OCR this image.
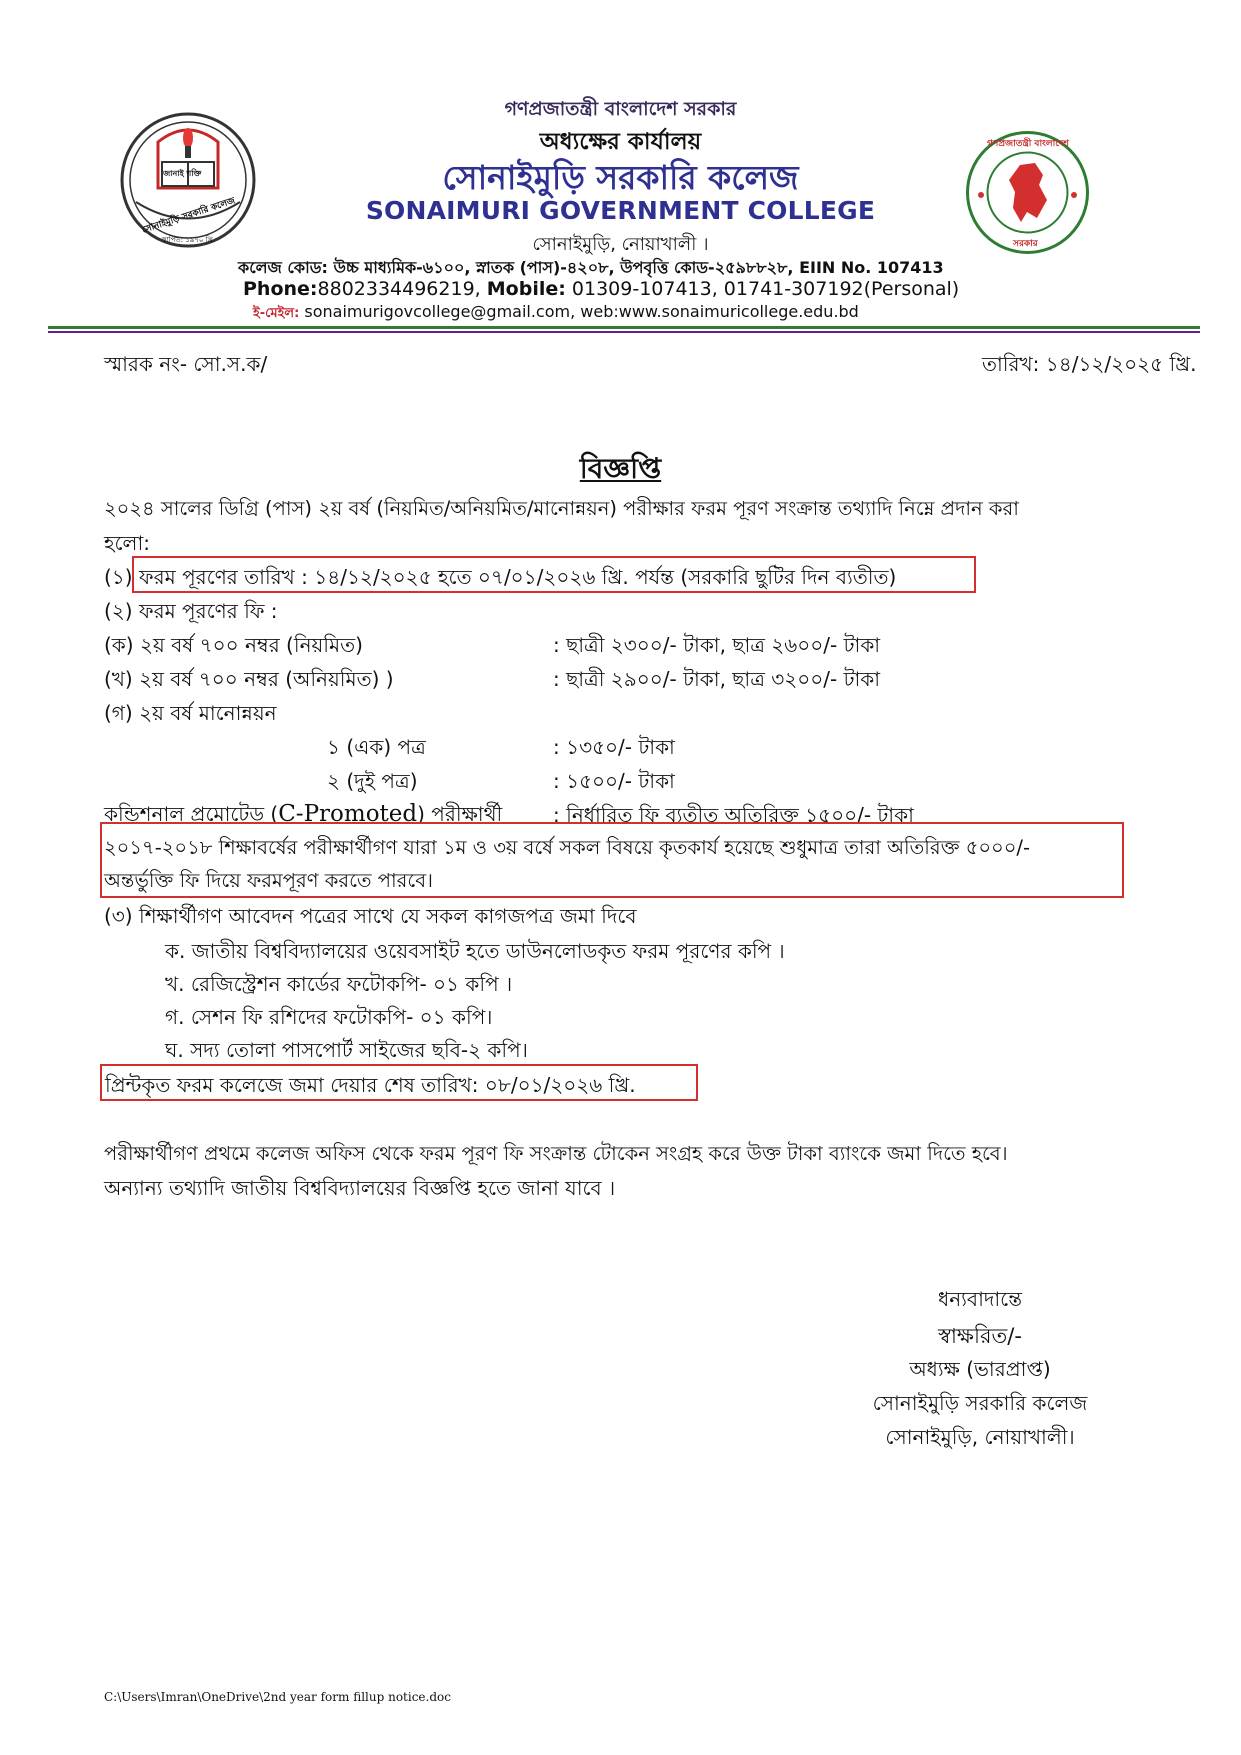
জানাই শক্তি
সোনাইমুড়ি সরকারি কলেজ
স্থাপিত: ১৯৭০ খ্রি.
গণপ্রজাতন্ত্রী বাংলাদেশ
সরকার
গণপ্রজাতন্ত্রী বাংলাদেশ সরকার
অধ্যক্ষের কার্যালয়
সোনাইমুড়ি সরকারি কলেজ
SONAIMURI GOVERNMENT COLLEGE
সোনাইমুড়ি, নোয়াখালী ।
কলেজ কোড: উচ্চ মাধ্যমিক-৬১০০, স্নাতক (পাস)-৪২০৮, উপবৃত্তি কোড-২৫৯৮৮২৮, EIIN No. 107413
Phone:8802334496219, Mobile: 01309-107413, 01741-307192(Personal)
ই-মেইল: sonaimurigovcollege@gmail.com, web:www.sonaimuricollege.edu.bd
স্মারক নং- সো.স.ক/	তারিখ: ১৪/১২/২০২৫ খ্রি.
বিজ্ঞপ্তি
২০২৪ সালের ডিগ্রি (পাস) ২য় বর্ষ (নিয়মিত/অনিয়মিত/মানোন্নয়ন) পরীক্ষার ফরম পূরণ সংক্রান্ত তথ্যাদি নিম্নে প্রদান করা
হলো:
(১) ফরম পূরণের তারিখ : ১৪/১২/২০২৫ হতে ০৭/০১/২০২৬ খ্রি. পর্যন্ত (সরকারি ছুটির দিন ব্যতীত)
(২) ফরম পূরণের ফি :
(ক) ২য় বর্ষ ৭০০ নম্বর (নিয়মিত)	: ছাত্রী ২৩০০/- টাকা, ছাত্র ২৬০০/- টাকা
(খ) ২য় বর্ষ ৭০০ নম্বর (অনিয়মিত) )	: ছাত্রী ২৯০০/- টাকা, ছাত্র ৩২০০/- টাকা
(গ) ২য় বর্ষ মানোন্নয়ন
১ (এক) পত্র	: ১৩৫০/- টাকা
২ (দুই পত্র)	: ১৫০০/- টাকা
কন্ডিশনাল প্রমোটেড (C-Promoted) পরীক্ষার্থী	: নির্ধারিত ফি ব্যতীত অতিরিক্ত ১৫০০/- টাকা
২০১৭-২০১৮ শিক্ষাবর্ষের পরীক্ষার্থীগণ যারা ১ম ও ৩য় বর্ষে সকল বিষয়ে কৃতকার্য হয়েছে শুধুমাত্র তারা অতিরিক্ত ৫০০০/-
অন্তর্ভুক্তি ফি দিয়ে ফরমপূরণ করতে পারবে।
(৩) শিক্ষার্থীগণ আবেদন পত্রের সাথে যে সকল কাগজপত্র জমা দিবে
ক. জাতীয় বিশ্ববিদ্যালয়ের ওয়েবসাইট হতে ডাউনলোডকৃত ফরম পূরণের কপি ।
খ. রেজিস্ট্রেশন কার্ডের ফটোকপি- ০১ কপি ।
গ. সেশন ফি রশিদের ফটোকপি- ০১ কপি।
ঘ. সদ্য তোলা পাসপোর্ট সাইজের ছবি-২ কপি।
প্রিন্টকৃত ফরম কলেজে জমা দেয়ার শেষ তারিখ: ০৮/০১/২০২৬ খ্রি.
পরীক্ষার্থীগণ প্রথমে কলেজ অফিস থেকে ফরম পূরণ ফি সংক্রান্ত টোকেন সংগ্রহ করে উক্ত টাকা ব্যাংকে জমা দিতে হবে।
অন্যান্য তথ্যাদি জাতীয় বিশ্ববিদ্যালয়ের বিজ্ঞপ্তি হতে জানা যাবে ।
ধন্যবাদান্তে
স্বাক্ষরিত/-
অধ্যক্ষ (ভারপ্রাপ্ত)
সোনাইমুড়ি সরকারি কলেজ
সোনাইমুড়ি, নোয়াখালী।
C:\Users\Imran\OneDrive\2nd year form fillup notice.doc
